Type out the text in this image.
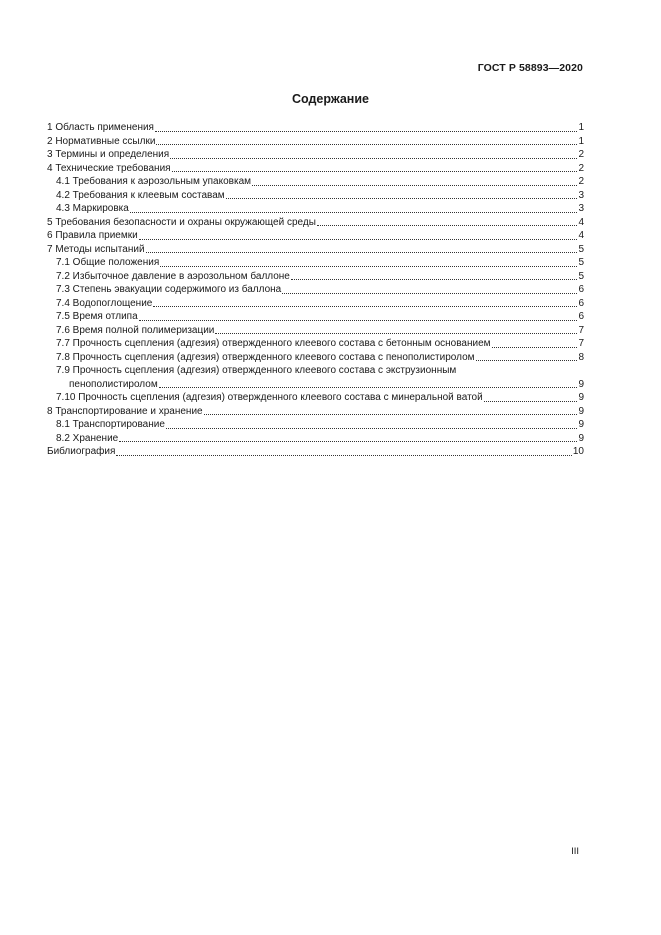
ГОСТ Р 58893—2020
Содержание
1 Область применения	1
2 Нормативные ссылки	1
3 Термины и определения	2
4 Технические требования	2
4.1 Требования к аэрозольным упаковкам	2
4.2 Требования к клеевым составам	3
4.3 Маркировка	3
5 Требования безопасности и охраны окружающей среды	4
6 Правила приемки	4
7 Методы испытаний	5
7.1 Общие положения	5
7.2 Избыточное давление в аэрозольном баллоне	5
7.3 Степень эвакуации содержимого из баллона	6
7.4 Водопоглощение	6
7.5 Время отлипа	6
7.6 Время полной полимеризации	7
7.7 Прочность сцепления (адгезия) отвержденного клеевого состава с бетонным основанием	7
7.8 Прочность сцепления (адгезия) отвержденного клеевого состава с пенополистиролом	8
7.9 Прочность сцепления (адгезия) отвержденного клеевого состава с экструзионным
пенополистиролом	9
7.10 Прочность сцепления (адгезия) отвержденного клеевого состава с минеральной ватой	9
8 Транспортирование и хранение	9
8.1 Транспортирование	9
8.2 Хранение	9
Библиография	10
III
